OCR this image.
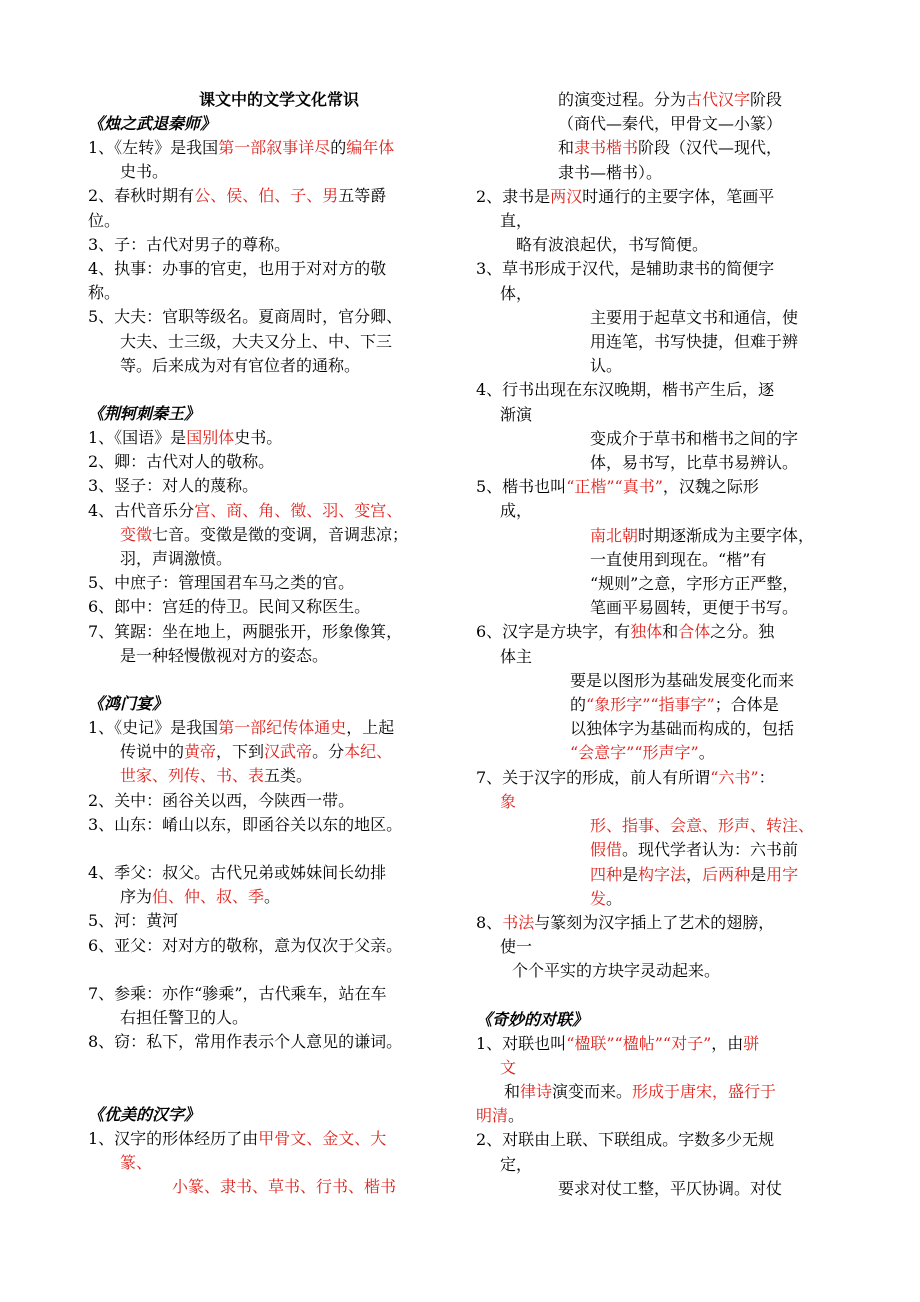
课文中的文学文化常识
《烛之武退秦师》
1、《左转》是我国第一部叙事详尽的编年体
史书。
2、春秋时期有公、侯、伯、子、男五等爵
位。
3、子：古代对男子的尊称。
4、执事：办事的官吏，也用于对对方的敬
称。
5、大夫：官职等级名。夏商周时，官分卿、
大夫、士三级，大夫又分上、中、下三
等。后来成为对有官位者的通称。
《荆轲刺秦王》
1、《国语》是国别体史书。
2、卿：古代对人的敬称。
3、竖子：对人的蔑称。
4、古代音乐分宫、商、角、徵、羽、变宫、
变徵七音。变徵是徵的变调，音调悲凉；
羽，声调激愤。
5、中庶子：管理国君车马之类的官。
6、郎中：宫廷的侍卫。民间又称医生。
7、箕踞：坐在地上，两腿张开，形象像箕，
是一种轻慢傲视对方的姿态。
《鸿门宴》
1、《史记》是我国第一部纪传体通史，上起
传说中的黄帝，下到汉武帝。分本纪、
世家、列传、书、表五类。
2、关中：函谷关以西，今陕西一带。
3、山东：崤山以东，即函谷关以东的地区。
4、季父：叔父。古代兄弟或姊妹间长幼排
序为伯、仲、叔、季。
5、河：黄河
6、亚父：对对方的敬称，意为仅次于父亲。
7、参乘：亦作“骖乘”，古代乘车，站在车
右担任警卫的人。
8、窃：私下，常用作表示个人意见的谦词。
《优美的汉字》
1、汉字的形体经历了由甲骨文、金文、大
篆、
小篆、隶书、草书、行书、楷书
的演变过程。分为古代汉字阶段
（商代—秦代，甲骨文—小篆）
和隶书楷书阶段（汉代—现代，
隶书—楷书）。
2、隶书是两汉时通行的主要字体，笔画平
直，
略有波浪起伏，书写简便。
3、草书形成于汉代，是辅助隶书的简便字
体，
主要用于起草文书和通信，使
用连笔，书写快捷，但难于辨
认。
4、行书出现在东汉晚期，楷书产生后，逐
渐演
变成介于草书和楷书之间的字
体，易书写，比草书易辨认。
5、楷书也叫“正楷”“真书”，汉魏之际形
成，
南北朝时期逐渐成为主要字体，
一直使用到现在。“楷”有
“规则”之意，字形方正严整，
笔画平易圆转，更便于书写。
6、汉字是方块字，有独体和合体之分。独
体主
要是以图形为基础发展变化而来
的“象形字”“指事字”；合体是
以独体字为基础而构成的，包括
“会意字”“形声字”。
7、关于汉字的形成，前人有所谓“六书”：
象
形、指事、会意、形声、转注、
假借。现代学者认为：六书前
四种是构字法，后两种是用字
发。
8、书法与篆刻为汉字插上了艺术的翅膀，
使一
个个平实的方块字灵动起来。
《奇妙的对联》
1、对联也叫“楹联”“楹帖”“对子”，由骈
文
和律诗演变而来。形成于唐宋，盛行于
明清。
2、对联由上联、下联组成。字数多少无规
定，
要求对仗工整，平仄协调。对仗
